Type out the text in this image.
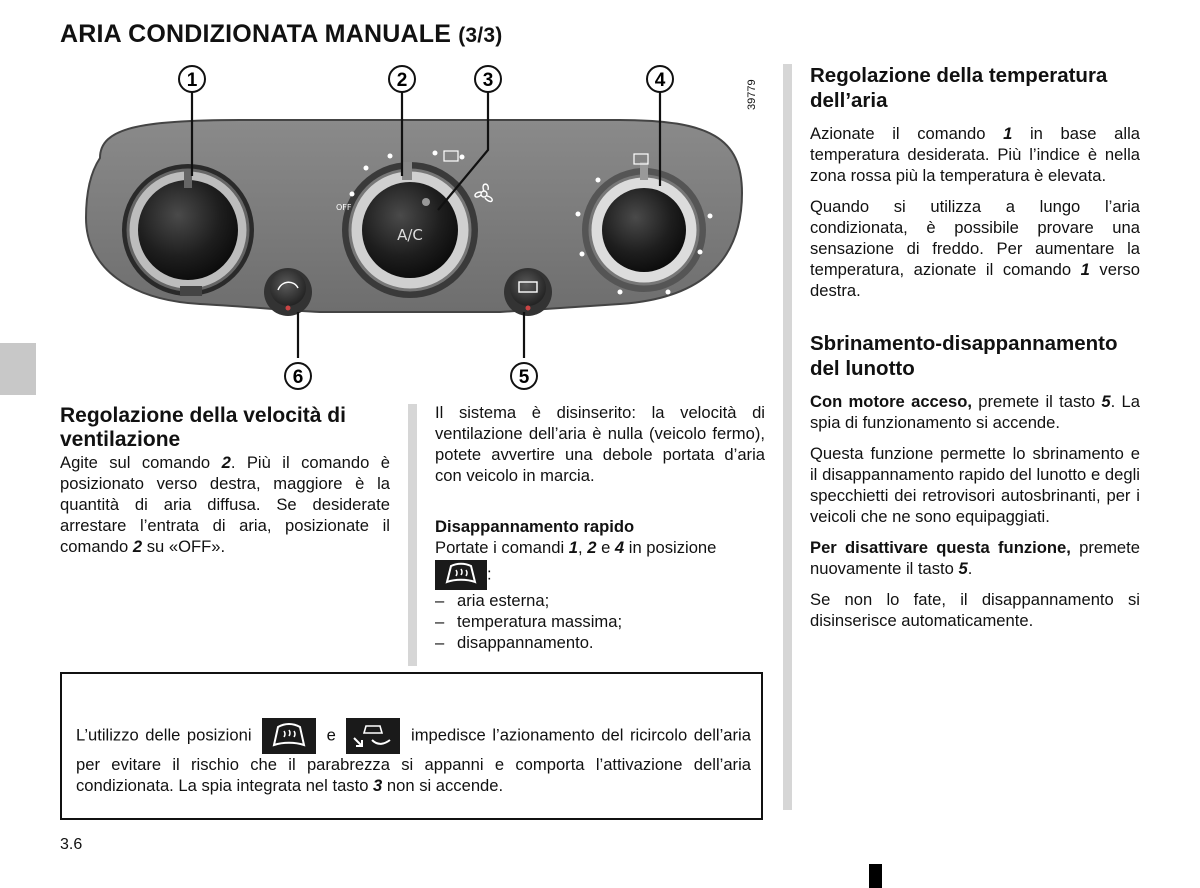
ARIA CONDIZIONATA MANUALE (3/3)
A/C
OFF
1	2	3	4
6	5
39779

Regolazione della velocità di ventilazione

Agite sul comando 2. Più il comando è posizionato verso destra, maggiore è la quantità di aria diffusa. Se desiderate arrestare l’entrata di aria, posizionate il comando 2 su «OFF».

Il sistema è disinserito: la velocità di ventilazione dell’aria è nulla (veicolo fermo), potete avvertire una debole portata d’aria con veicolo in marcia.

Disappannamento rapido

Portate i comandi 1, 2 e 4 in posizione

:

– aria esterna;
– temperatura massima;
– disappannamento.

Regolazione della temperatura dell’aria

Azionate il comando 1 in base alla temperatura desiderata. Più l’indice è nella zona rossa più la temperatura è elevata.

Quando si utilizza a lungo l’aria condizionata, è possibile provare una sensazione di freddo. Per aumentare la temperatura, azionate il comando 1 verso destra.

Sbrinamento-disappannamento del lunotto

Con motore acceso, premete il tasto 5. La spia di funzionamento si accende.

Questa funzione permette lo sbrinamento e il disappannamento rapido del lunotto e degli specchietti dei retrovisori autosbrinanti, per i veicoli che ne sono equipaggiati.

Per disattivare questa funzione, premete nuovamente il tasto 5.

Se non lo fate, il disappannamento si disinserisce automaticamente.

L’utilizzo delle posizioni	e	impedisce l’azionamento del ricircolo dell’aria per evitare il rischio che il parabrezza si appanni e comporta l’attivazione dell’aria condizionata. La spia integrata nel tasto 3 non si accende.
3.6
